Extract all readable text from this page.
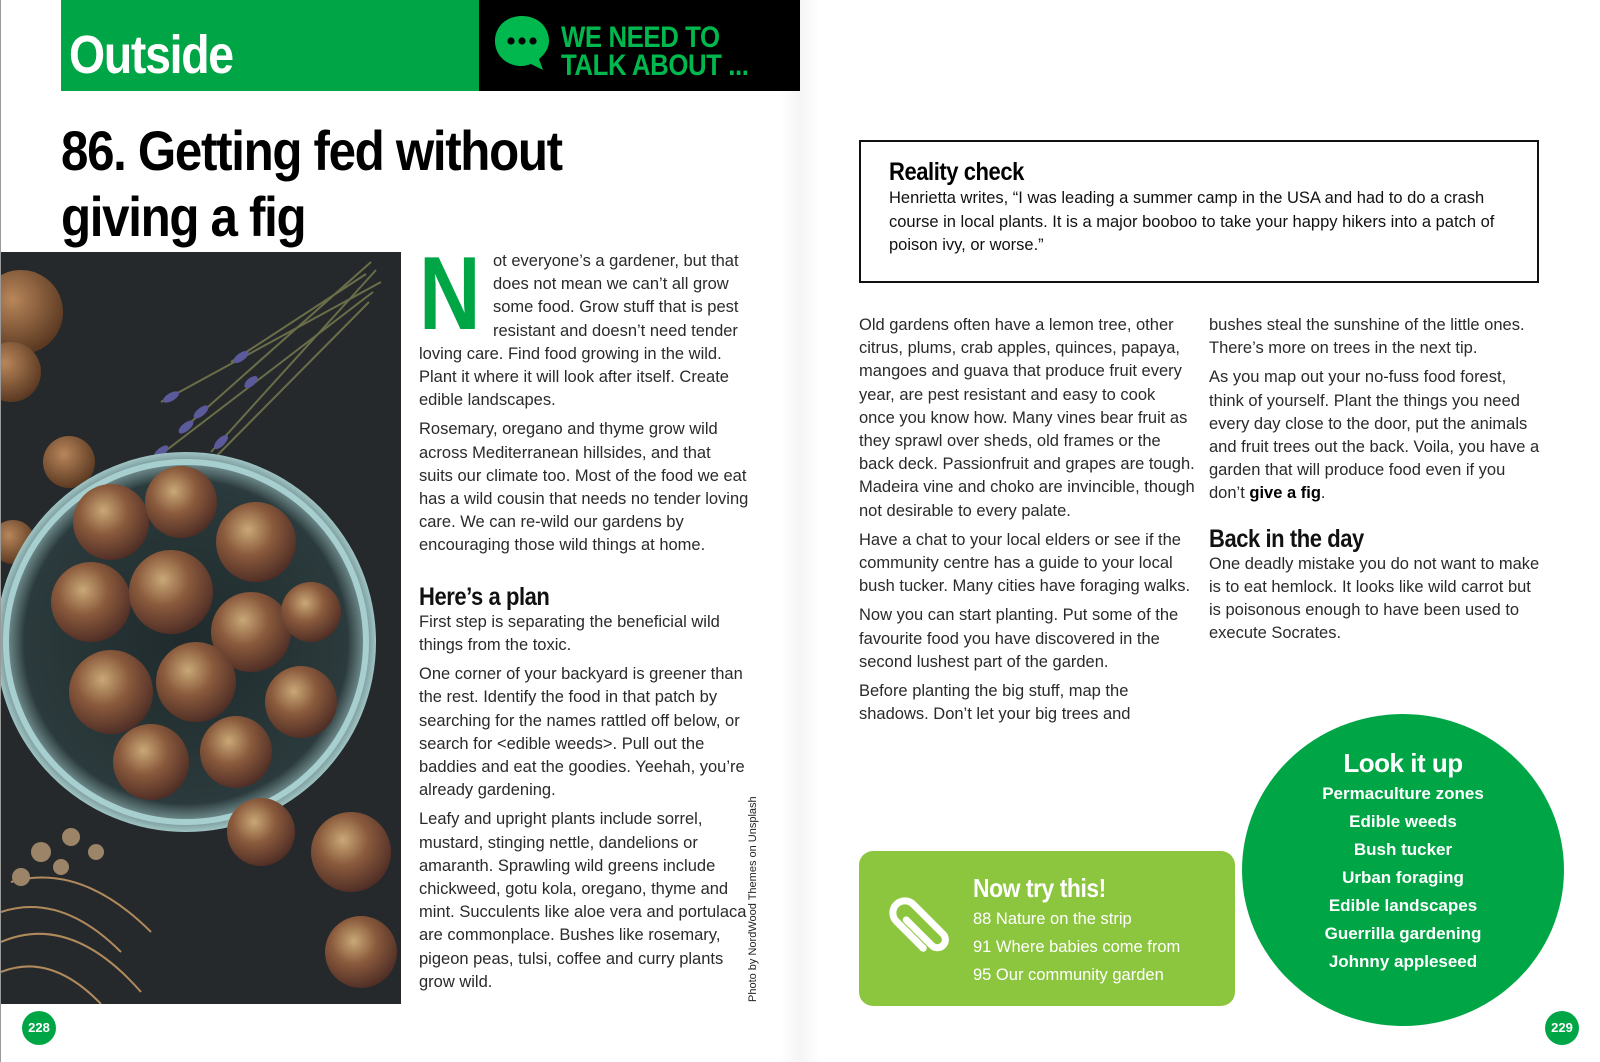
Outside	WE NEED TO
TALK ABOUT ...
86. Getting fed without
giving a fig
Photo by NordWood Themes on Unsplash

Not everyone’s a gardener, but that does not mean we can’t all grow some food. Grow stuff that is pest resistant and doesn’t need tender loving care. Find food growing in the wild. Plant it where it will look after itself. Create edible landscapes.

Rosemary, oregano and thyme grow wild across Mediterranean hillsides, and that suits our climate too. Most of the food we eat has a wild cousin that needs no tender loving care. We can re-wild our gardens by encouraging those wild things at home.

Here’s a plan

First step is separating the beneficial wild things from the toxic.

One corner of your backyard is greener than the rest. Identify the food in that patch by searching for the names rattled off below, or search for <edible weeds>. Pull out the baddies and eat the goodies. Yeehah, you’re already gardening.

Leafy and upright plants include sorrel, mustard, stinging nettle, dandelions or amaranth. Sprawling wild greens include chickweed, gotu kola, oregano, thyme and mint. Succulents like aloe vera and portulaca are commonplace. Bushes like rosemary, pigeon peas, tulsi, coffee and curry plants grow wild.

228
Reality check

Henrietta writes, “I was leading a summer camp in the USA and had to do a crash course in local plants. It is a major booboo to take your happy hikers into a patch of poison ivy, or worse.”

Old gardens often have a lemon tree, other citrus, plums, crab apples, quinces, papaya, mangoes and guava that produce fruit every year, are pest resistant and easy to cook once you know how. Many vines bear fruit as they sprawl over sheds, old frames or the back deck. Passionfruit and grapes are tough. Madeira vine and choko are invincible, though not desirable to every palate.

Have a chat to your local elders or see if the community centre has a guide to your local bush tucker. Many cities have foraging walks.

Now you can start planting. Put some of the favourite food you have discovered in the second lushest part of the garden.

Before planting the big stuff, map the shadows. Don’t let your big trees and

bushes steal the sunshine of the little ones. There’s more on trees in the next tip.

As you map out your no-fuss food forest, think of yourself. Plant the things you need every day close to the door, put the animals and fruit trees out the back. Voila, you have a garden that will produce food even if you don’t give a fig.

Back in the day

One deadly mistake you do not want to make is to eat hemlock. It looks like wild carrot but is poisonous enough to have been used to execute Socrates.

Now try this!
88 Nature on the strip
91 Where babies come from
95 Our community garden
Look it up
Permaculture zones
Edible weeds
Bush tucker
Urban foraging
Edible landscapes
Guerrilla gardening
Johnny appleseed
229
